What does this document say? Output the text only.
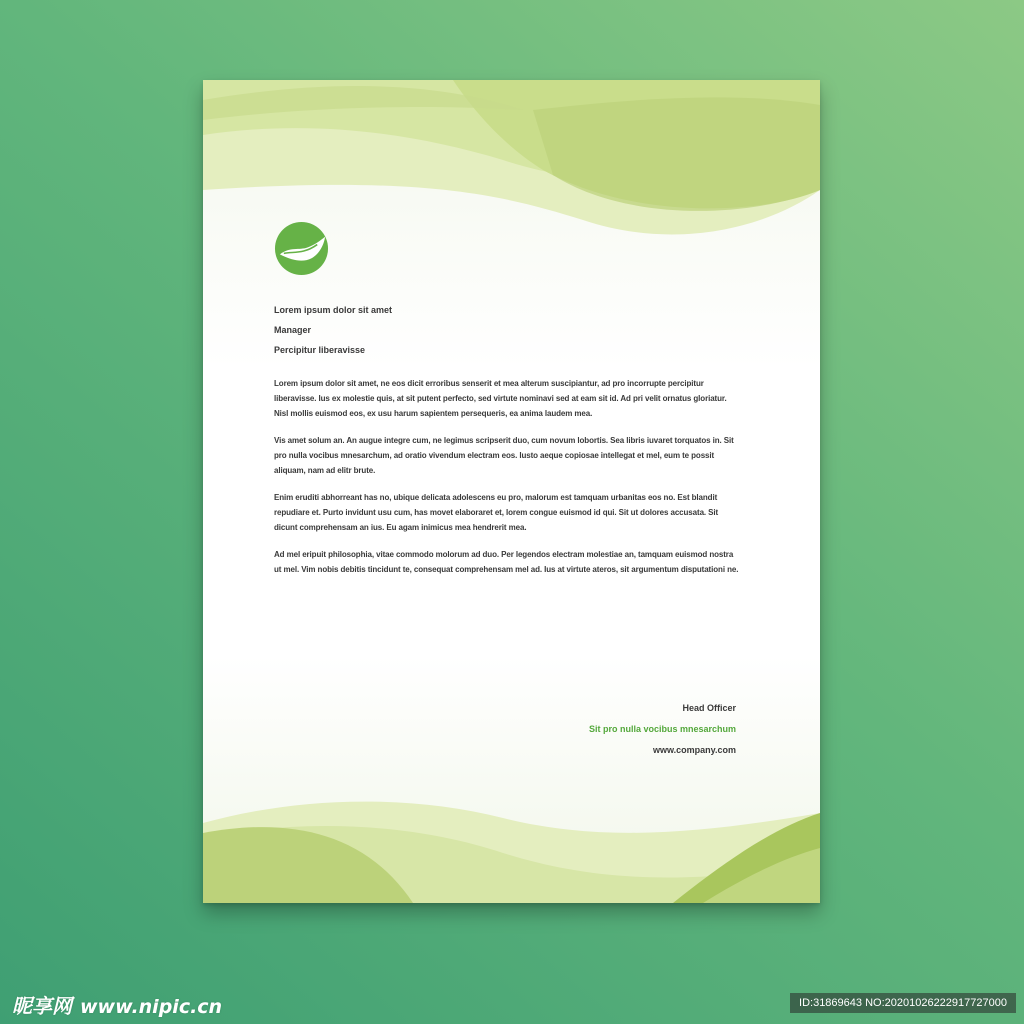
Lorem ipsum dolor sit amet

Manager

Percipitur liberavisse

Lorem ipsum dolor sit amet, ne eos dicit erroribus senserit et mea alterum suscipiantur, ad pro incorrupte percipitur liberavisse. Ius ex molestie quis, at sit putent perfecto, sed virtute nominavi sed at eam sit id. Ad pri velit ornatus gloriatur. Nisl mollis euismod eos, ex usu harum sapientem persequeris, ea anima laudem mea.

Vis amet solum an. An augue integre cum, ne legimus scripserit duo, cum novum lobortis. Sea libris iuvaret torquatos in. Sit pro nulla vocibus mnesarchum, ad oratio vivendum electram eos. Iusto aeque copiosae intellegat et mel, eum te possit aliquam, nam ad elitr brute.

Enim eruditi abhorreant has no, ubique delicata adolescens eu pro, malorum est tamquam urbanitas eos no. Est blandit repudiare et. Purto invidunt usu cum, has movet elaboraret et, lorem congue euismod id qui. Sit ut dolores accusata. Sit dicunt comprehensam an ius. Eu agam inimicus mea hendrerit mea.

Ad mel eripuit philosophia, vitae commodo molorum ad duo. Per legendos electram molestiae an, tamquam euismod nostra ut mel. Vim nobis debitis tincidunt te, consequat comprehensam mel ad. Ius at virtute ateros, sit argumentum disputationi ne.

Head Officer

Sit pro nulla vocibus mnesarchum

www.company.com

昵享网 www.nipic.cn	ID:31869643 NO:20201026222917727000
